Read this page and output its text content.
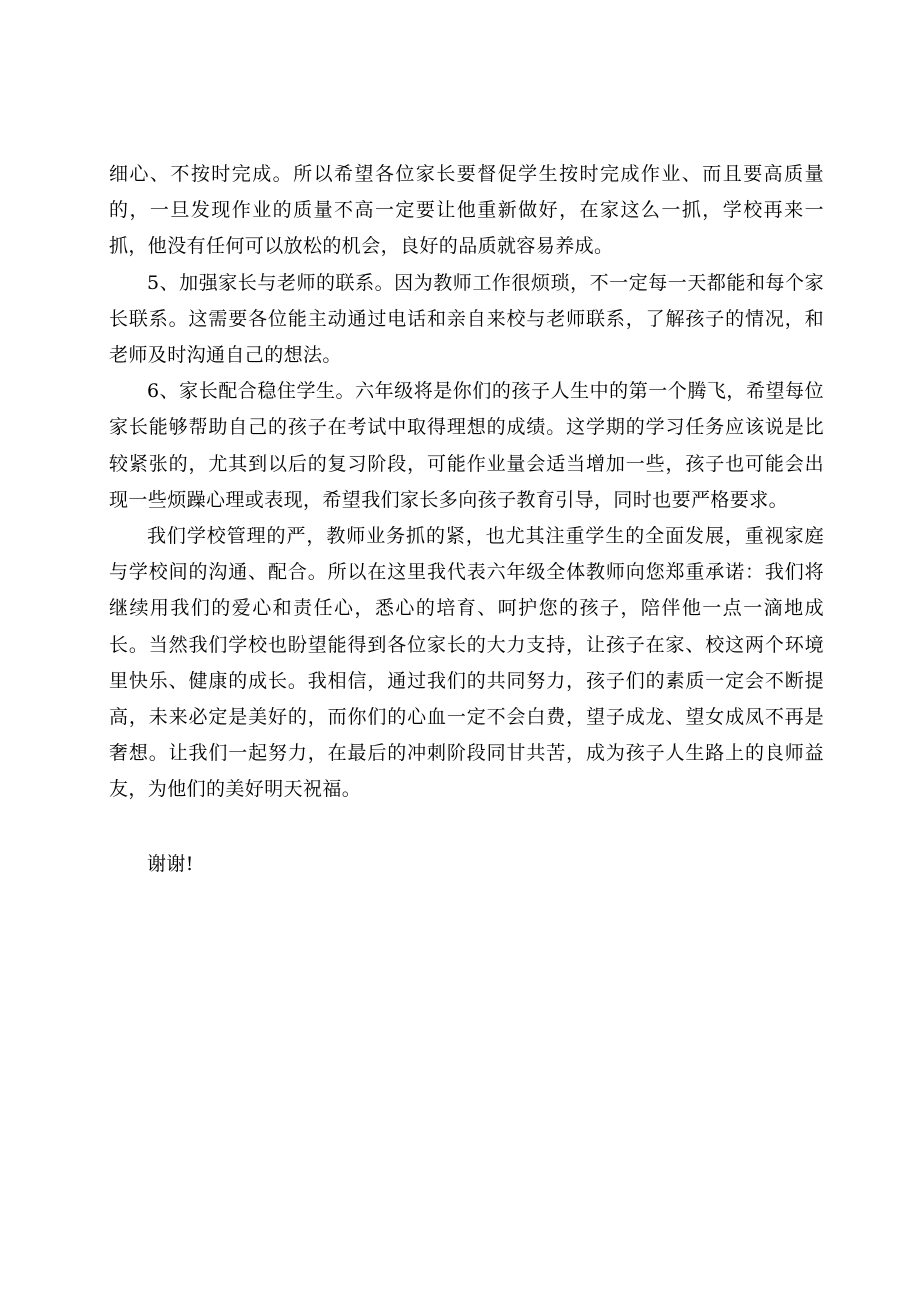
细心、不按时完成。所以希望各位家长要督促学生按时完成作业、而且要高质量的，一旦发现作业的质量不高一定要让他重新做好，在家这么一抓，学校再来一抓，他没有任何可以放松的机会，良好的品质就容易养成。

5、加强家长与老师的联系。因为教师工作很烦琐，不一定每一天都能和每个家长联系。这需要各位能主动通过电话和亲自来校与老师联系，了解孩子的情况，和老师及时沟通自己的想法。

6、家长配合稳住学生。六年级将是你们的孩子人生中的第一个腾飞，希望每位家长能够帮助自己的孩子在考试中取得理想的成绩。这学期的学习任务应该说是比较紧张的，尤其到以后的复习阶段，可能作业量会适当增加一些，孩子也可能会出现一些烦躁心理或表现，希望我们家长多向孩子教育引导，同时也要严格要求。

我们学校管理的严，教师业务抓的紧，也尤其注重学生的全面发展，重视家庭与学校间的沟通、配合。所以在这里我代表六年级全体教师向您郑重承诺：我们将继续用我们的爱心和责任心，悉心的培育、呵护您的孩子，陪伴他一点一滴地成长。当然我们学校也盼望能得到各位家长的大力支持，让孩子在家、校这两个环境里快乐、健康的成长。我相信，通过我们的共同努力，孩子们的素质一定会不断提高，未来必定是美好的，而你们的心血一定不会白费，望子成龙、望女成凤不再是奢想。让我们一起努力，在最后的冲刺阶段同甘共苦，成为孩子人生路上的良师益友，为他们的美好明天祝福。

谢谢!
